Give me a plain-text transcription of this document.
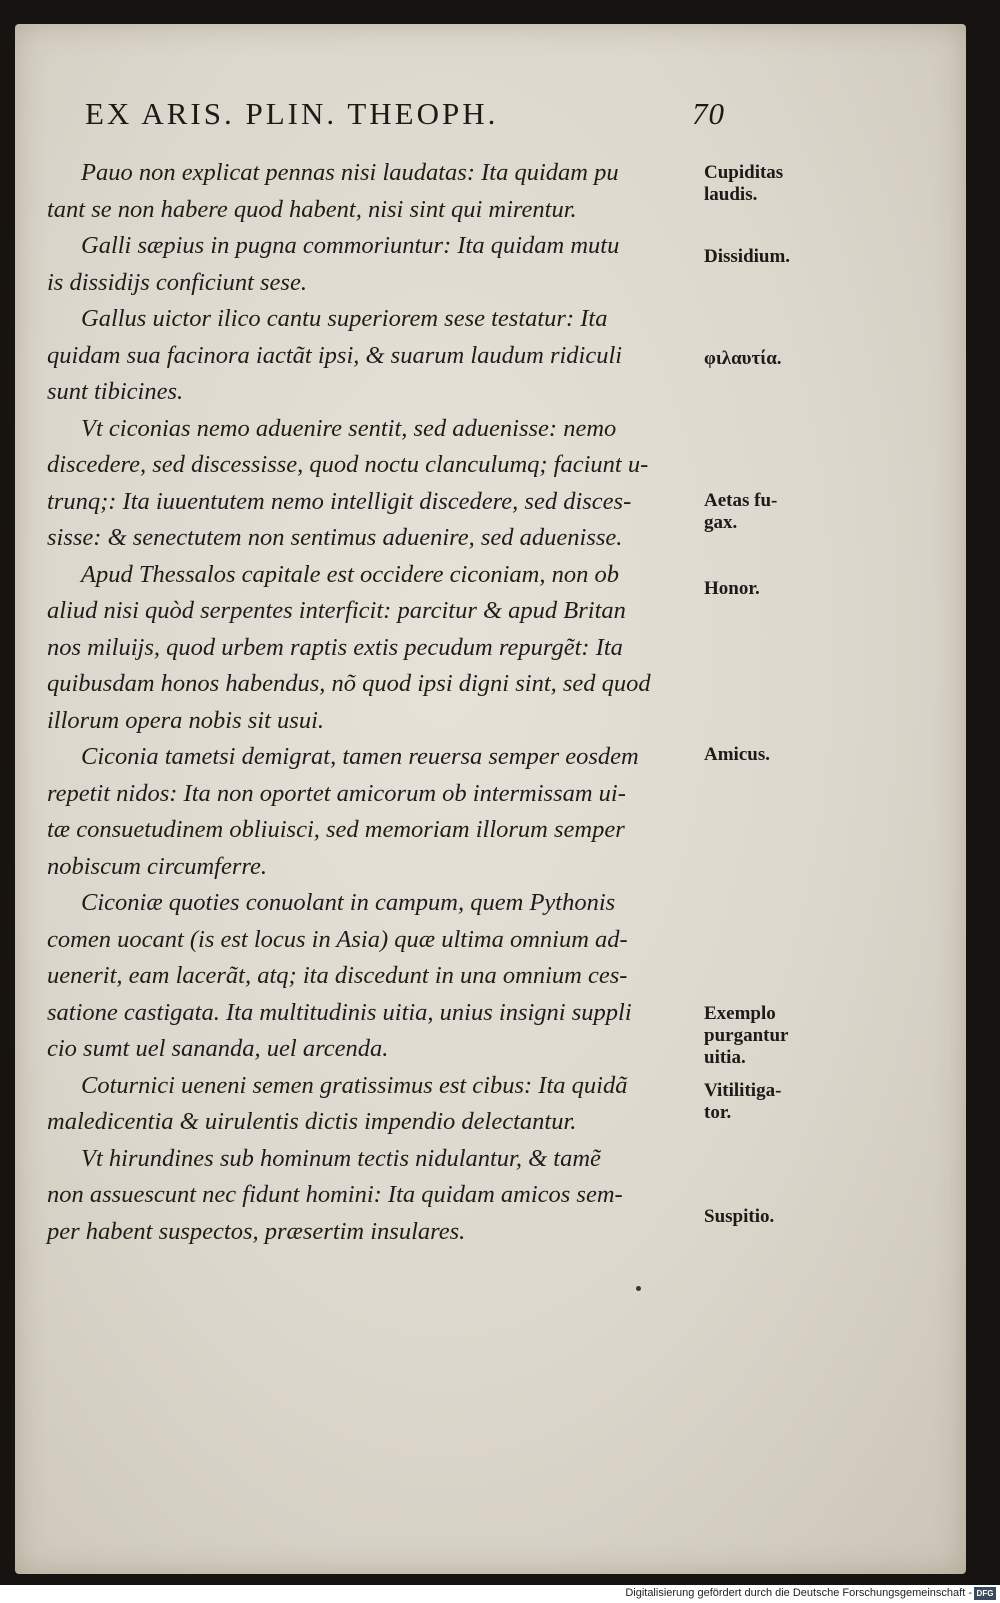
EX ARIS. PLIN. THEOPH.	70

Pauo non explicat pennas nisi laudatas: Ita quidam pu
tant se non habere quod habent, nisi sint qui mirentur.

Galli sæpius in pugna commoriuntur: Ita quidam mutu
is dissidijs conficiunt sese.

Gallus uictor ilico cantu superiorem sese testatur: Ita
quidam sua facinora iactãt ipsi, & suarum laudum ridiculi
sunt tibicines.

Vt ciconias nemo aduenire sentit, sed aduenisse: nemo
discedere, sed discessisse, quod noctu clanculumq; faciunt u-
trunq;: Ita iuuentutem nemo intelligit discedere, sed disces-
sisse: & senectutem non sentimus aduenire, sed aduenisse.

Apud Thessalos capitale est occidere ciconiam, non ob
aliud nisi quòd serpentes interficit: parcitur & apud Britan
nos miluijs, quod urbem raptis extis pecudum repurgẽt: Ita
quibusdam honos habendus, nõ quod ipsi digni sint, sed quod
illorum opera nobis sit usui.

Ciconia tametsi demigrat, tamen reuersa semper eosdem
repetit nidos: Ita non oportet amicorum ob intermissam ui-
tæ consuetudinem obliuisci, sed memoriam illorum semper
nobiscum circumferre.

Ciconiæ quoties conuolant in campum, quem Pythonis
comen uocant (is est locus in Asia) quæ ultima omnium ad-
uenerit, eam lacerãt, atq; ita discedunt in una omnium ces-
satione castigata. Ita multitudinis uitia, unius insigni suppli
cio sumt uel sananda, uel arcenda.

Coturnici ueneni semen gratissimus est cibus: Ita quidã
maledicentia & uirulentis dictis impendio delectantur.

Vt hirundines sub hominum tectis nidulantur, & tamẽ
non assuescunt nec fidunt homini: Ita quidam amicos sem-
per habent suspectos, præsertim insulares.

Cupiditas
laudis.
Dissidium.
φιλαυτία.
Aetas fu-
gax.
Honor.
Amicus.
Exemplo
purgantur
uitia.
Vitilitiga-
tor.
Suspitio.
Digitalisierung gefördert durch die Deutsche Forschungsgemeinschaft - DFG
